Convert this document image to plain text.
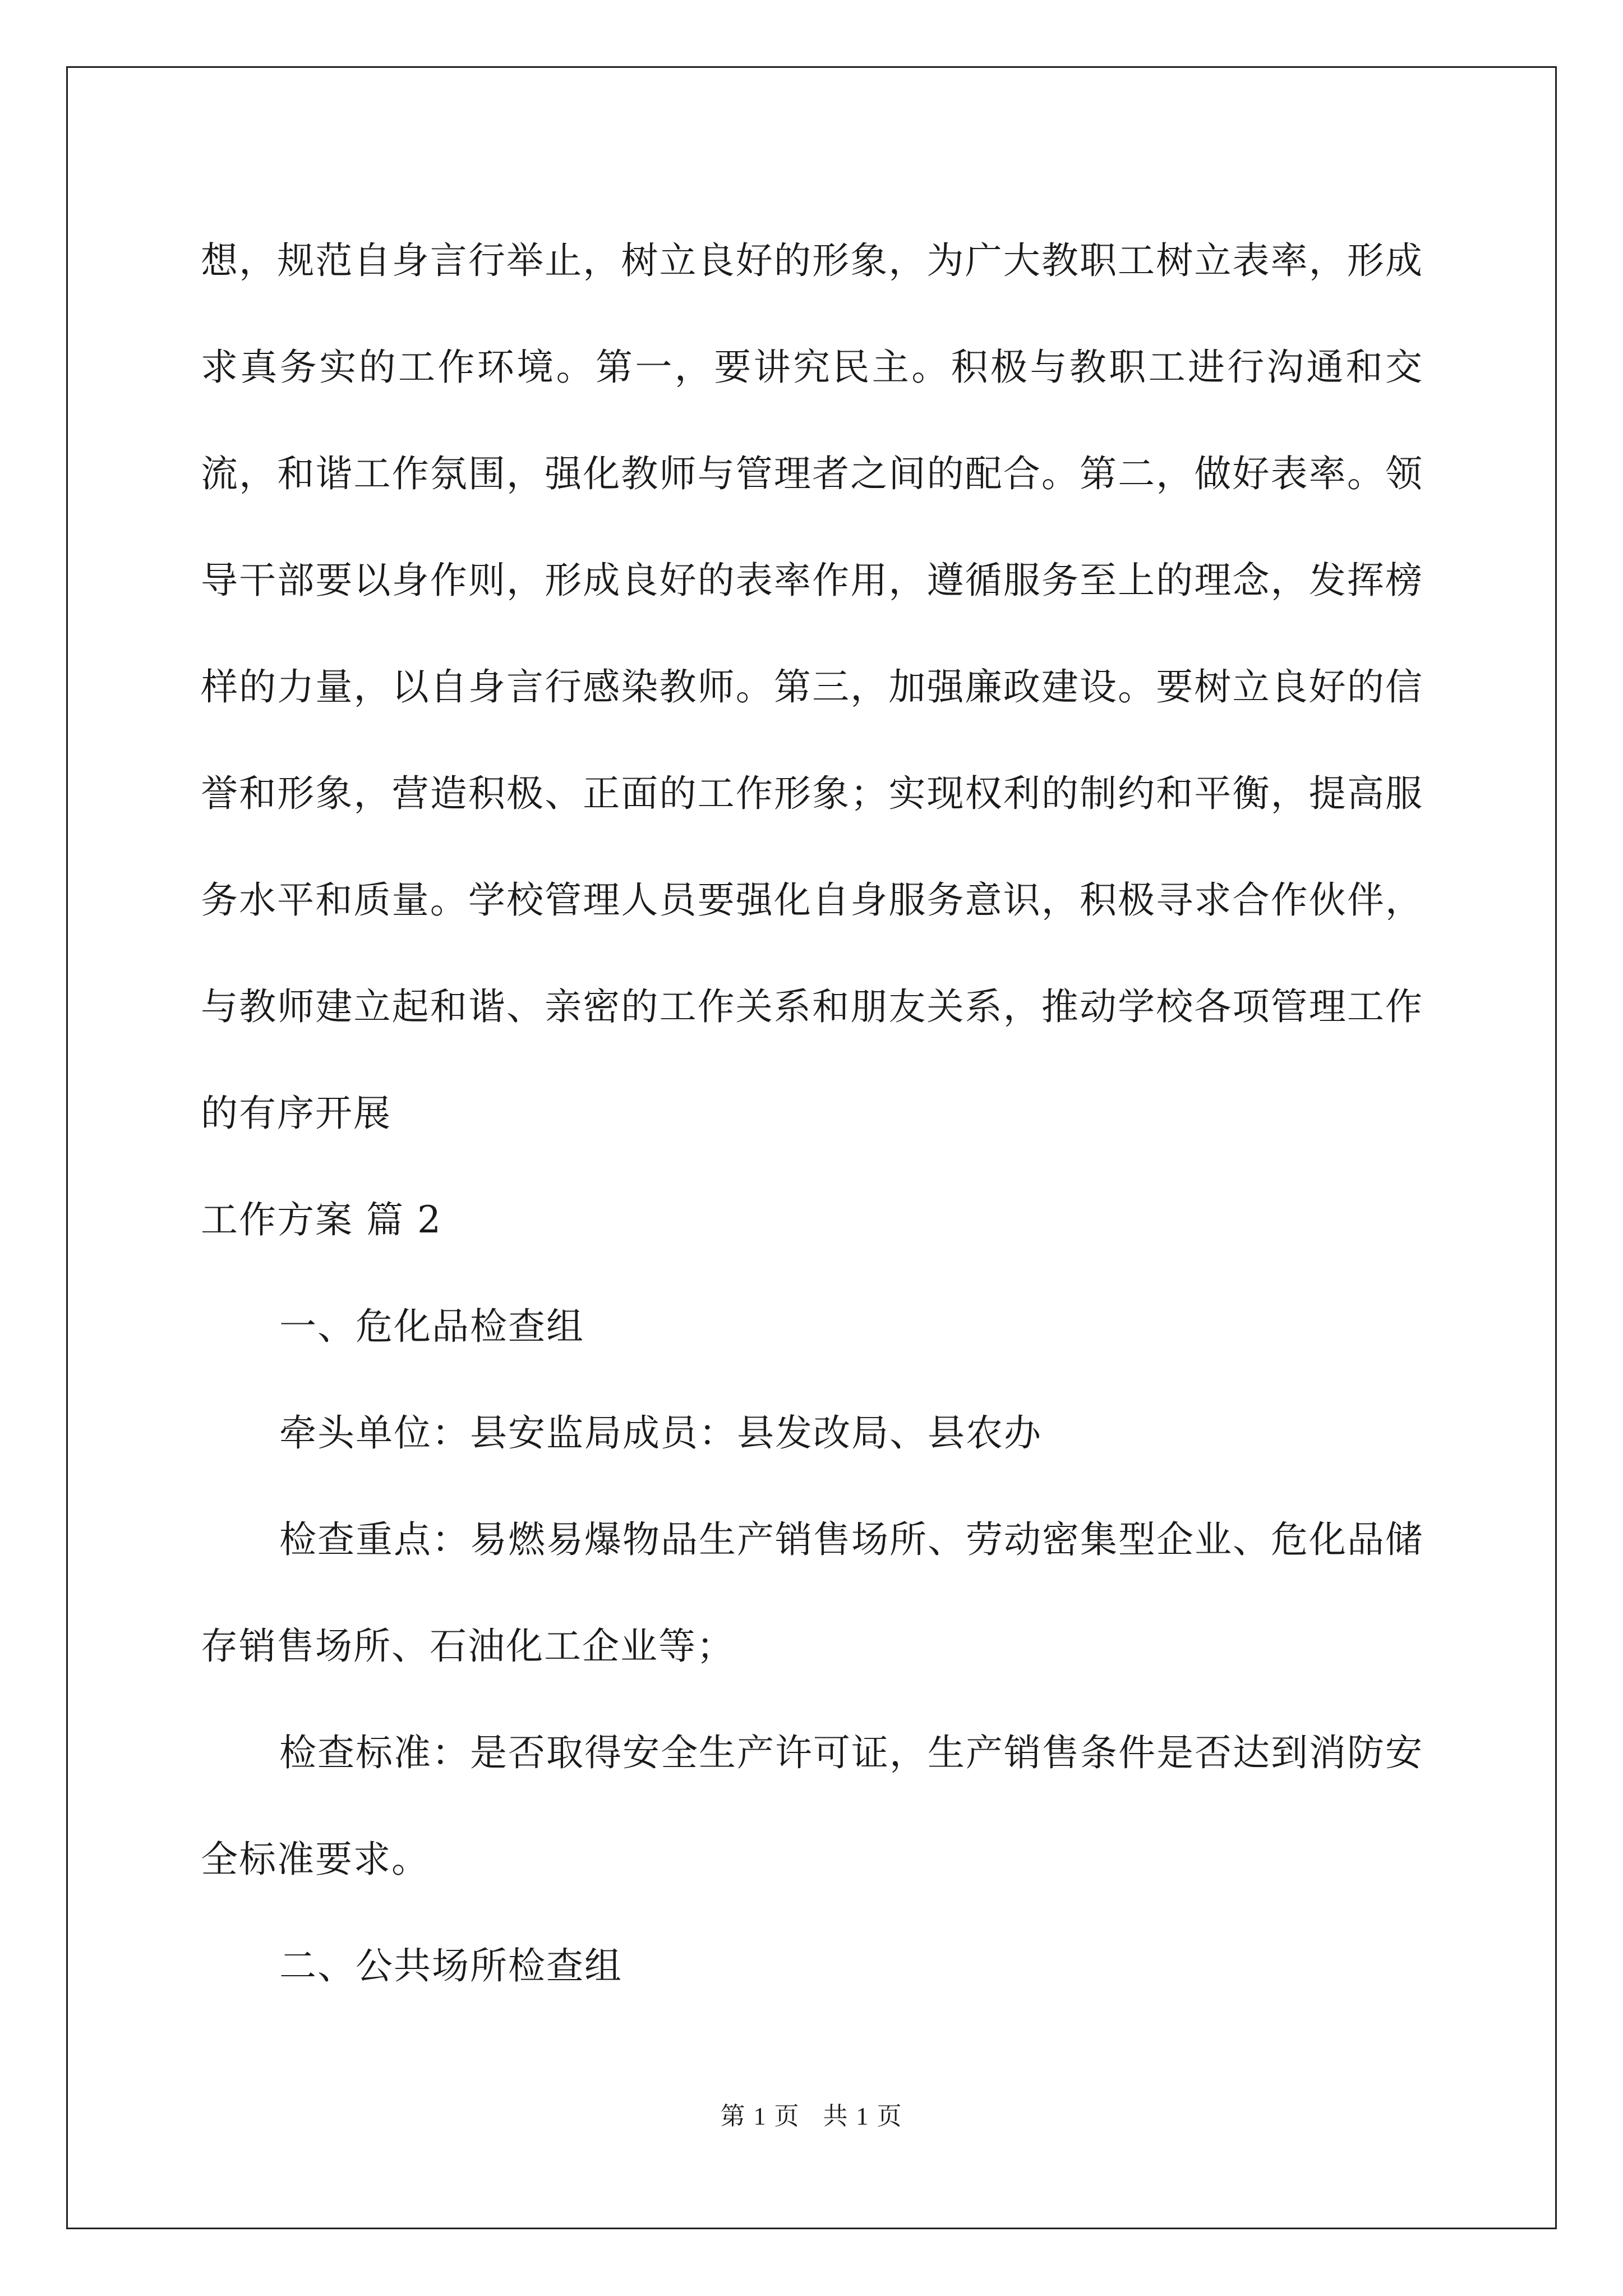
想，规范自身言行举止，树立良好的形象，为广大教职工树立表率，形成求真务实的工作环境。第一，要讲究民主。积极与教职工进行沟通和交流，和谐工作氛围，强化教师与管理者之间的配合。第二，做好表率。领导干部要以身作则，形成良好的表率作用，遵循服务至上的理念，发挥榜样的力量，以自身言行感染教师。第三，加强廉政建设。要树立良好的信誉和形象，营造积极、正面的工作形象；实现权利的制约和平衡，提高服务水平和质量。学校管理人员要强化自身服务意识，积极寻求合作伙伴，与教师建立起和谐、亲密的工作关系和朋友关系，推动学校各项管理工作的有序开展

工作方案 篇 2

一、危化品检查组

牵头单位：县安监局成员：县发改局、县农办

检查重点：易燃易爆物品生产销售场所、劳动密集型企业、危化品储存销售场所、石油化工企业等；

检查标准：是否取得安全生产许可证，生产销售条件是否达到消防安全标准要求。

二、公共场所检查组

第 1 页 共 1 页
